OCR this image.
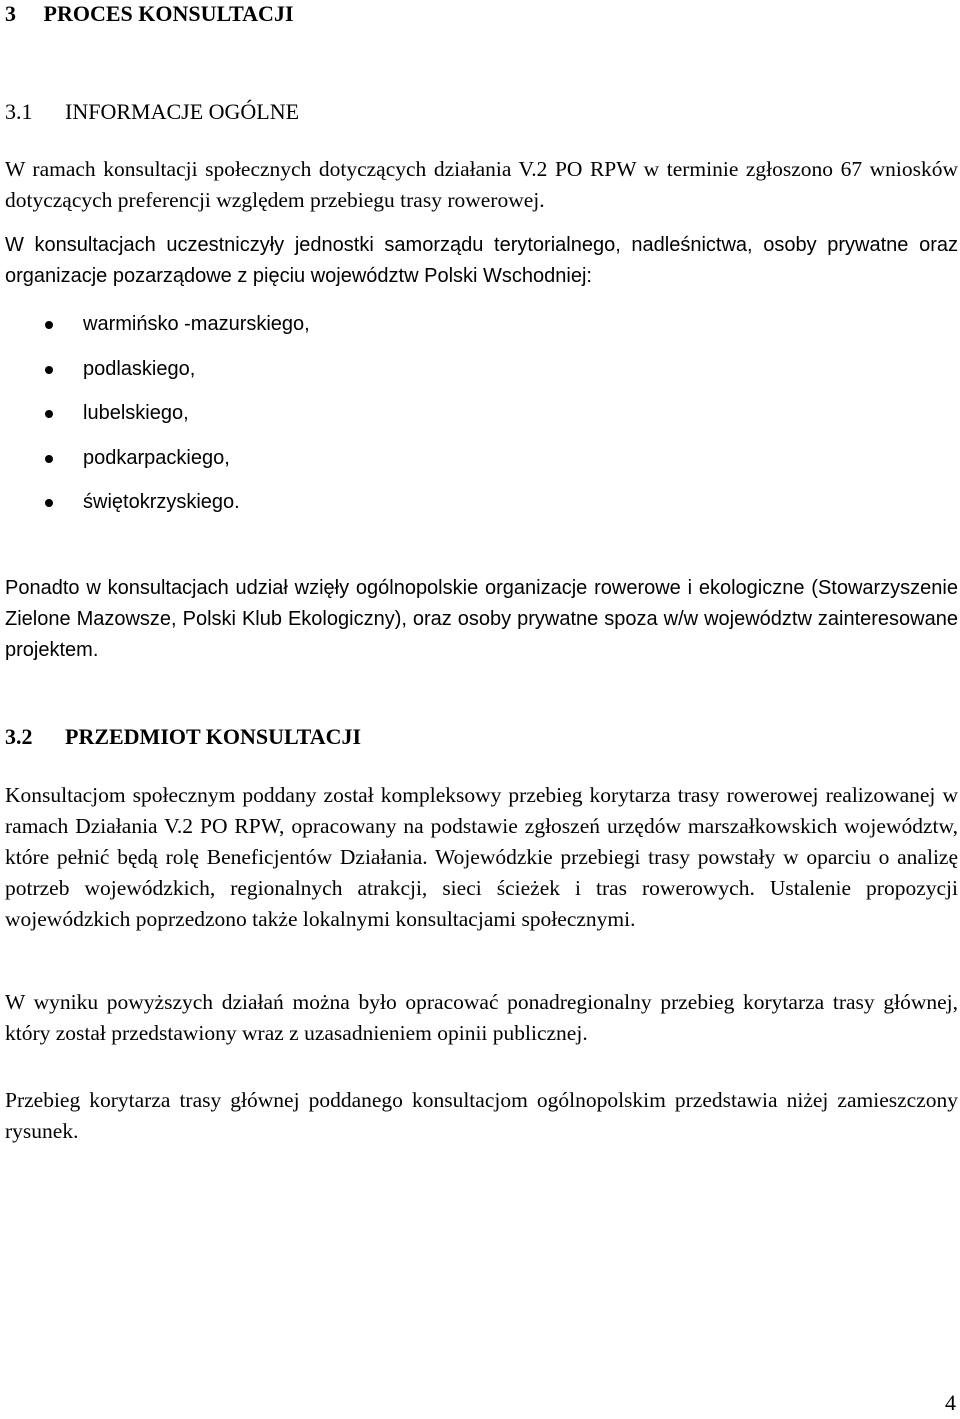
3 PROCES KONSULTACJI
3.1 INFORMACJE OGÓLNE

W ramach konsultacji społecznych dotyczących działania V.2 PO RPW w terminie zgłoszono 67 wniosków dotyczących preferencji względem przebiegu trasy rowerowej.

W konsultacjach uczestniczyły jednostki samorządu terytorialnego, nadleśnictwa, osoby prywatne oraz organizacje pozarządowe z pięciu województw Polski Wschodniej:

warmińsko -mazurskiego,
podlaskiego,
lubelskiego,
podkarpackiego,
świętokrzyskiego.

Ponadto w konsultacjach udział wzięły ogólnopolskie organizacje rowerowe i ekologiczne (Stowarzyszenie Zielone Mazowsze, Polski Klub Ekologiczny), oraz osoby prywatne spoza w/w województw zainteresowane projektem.

3.2 PRZEDMIOT KONSULTACJI

Konsultacjom społecznym poddany został kompleksowy przebieg korytarza trasy rowerowej realizowanej w ramach Działania V.2 PO RPW, opracowany na podstawie zgłoszeń urzędów marszałkowskich województw, które pełnić będą rolę Beneficjentów Działania. Wojewódzkie przebiegi trasy powstały w oparciu o analizę potrzeb wojewódzkich, regionalnych atrakcji, sieci ścieżek i tras rowerowych. Ustalenie propozycji wojewódzkich poprzedzono także lokalnymi konsultacjami społecznymi.

W wyniku powyższych działań można było opracować ponadregionalny przebieg korytarza trasy głównej, który został przedstawiony wraz z uzasadnieniem opinii publicznej.

Przebieg korytarza trasy głównej poddanego konsultacjom ogólnopolskim przedstawia niżej zamieszczony rysunek.

4
